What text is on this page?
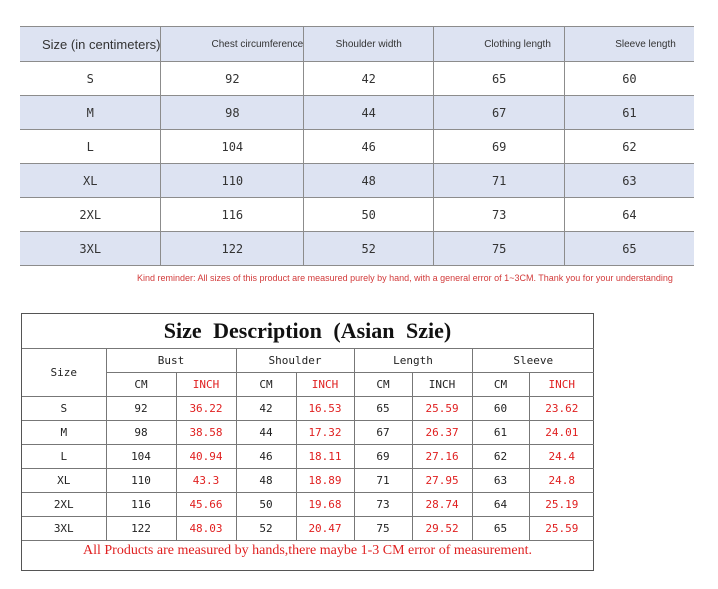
Size (in centimeters)	Chest circumference	Shoulder width	Clothing length	Sleeve length
S	92	42	65	60
M	98	44	67	61
L	104	46	69	62
XL	110	48	71	63
2XL	116	50	73	64
3XL	122	52	75	65
Kind reminder: All sizes of this product are measured purely by hand, with a general error of 1~3CM. Thank you for your understanding
Size Description (Asian Szie)
Size	Bust		Shoulder		Length		Sleeve	
	CM	INCH	CM	INCH	CM	INCH	CM	INCH
S	92	36.22	42	16.53	65	25.59	60	23.62
M	98	38.58	44	17.32	67	26.37	61	24.01
L	104	40.94	46	18.11	69	27.16	62	24.4
XL	110	43.3	48	18.89	71	27.95	63	24.8
2XL	116	45.66	50	19.68	73	28.74	64	25.19
3XL	122	48.03	52	20.47	75	29.52	65	25.59
All Products are measured by hands,there maybe 1-3 CM error of measurement.
